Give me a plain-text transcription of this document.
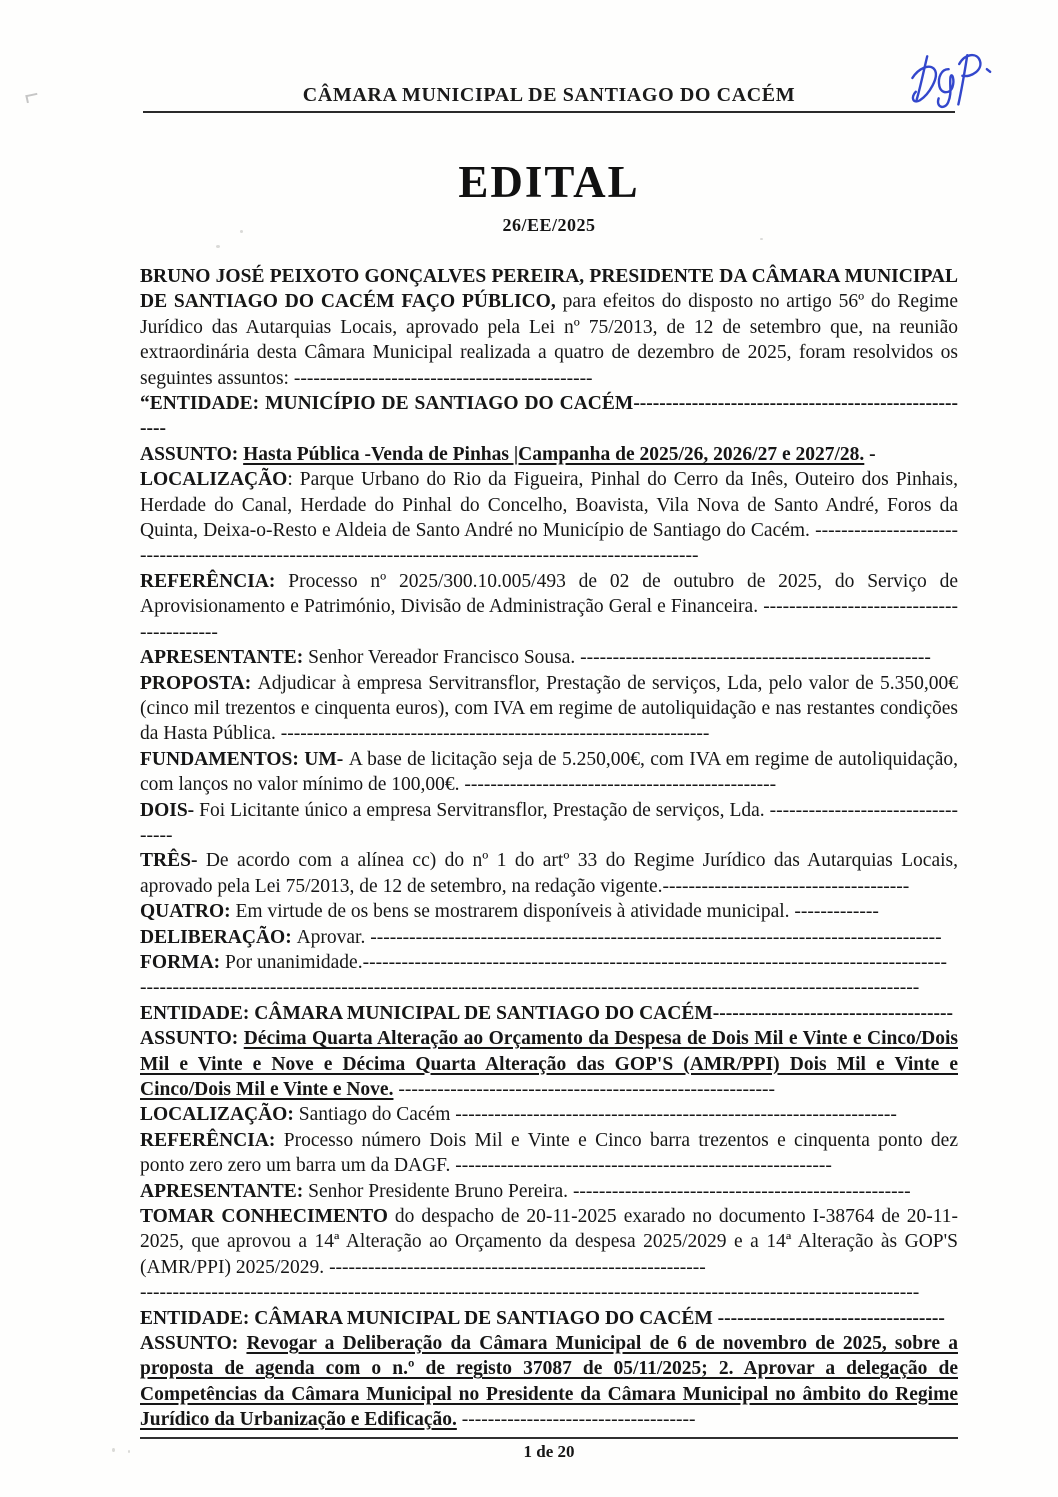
CÂMARA MUNICIPAL DE SANTIAGO DO CACÉM
EDITAL
26/EE/2025

BRUNO JOSÉ PEIXOTO GONÇALVES PEREIRA, PRESIDENTE DA CÂMARA MUNICIPAL DE SANTIAGO DO CACÉM FAÇO PÚBLICO, para efeitos do disposto no artigo 56º do Regime Jurídico das Autarquias Locais, aprovado pela Lei nº 75/2013, de 12 de setembro que, na reunião extraordinária desta Câmara Municipal realizada a quatro de dezembro de 2025, foram resolvidos os seguintes assuntos: ----------------------------------------------

“ENTIDADE: MUNICÍPIO DE SANTIAGO DO CACÉM------------------------------------------------------

ASSUNTO: Hasta Pública -Venda de Pinhas |Campanha de 2025/26, 2026/27 e 2027/28. -

LOCALIZAÇÃO: Parque Urbano do Rio da Figueira, Pinhal do Cerro da Inês, Outeiro dos Pinhais, Herdade do Canal, Herdade do Pinhal do Concelho, Boavista, Vila Nova de Santo André, Foros da Quinta, Deixa-o-Resto e Aldeia de Santo André no Município de Santiago do Cacém. ------------------------------------------------------------------------------------------------------------

REFERÊNCIA: Processo nº 2025/300.10.005/493 de 02 de outubro de 2025, do Serviço de Aprovisionamento e Património, Divisão de Administração Geral e Financeira. ------------------------------------------

APRESENTANTE: Senhor Vereador Francisco Sousa. ------------------------------------------------------

PROPOSTA: Adjudicar à empresa Servitransflor, Prestação de serviços, Lda, pelo valor de 5.350,00€ (cinco mil trezentos e cinquenta euros), com IVA em regime de autoliquidação e nas restantes condições da Hasta Pública. ------------------------------------------------------------------

FUNDAMENTOS: UM- A base de licitação seja de 5.250,00€, com IVA em regime de autoliquidação, com lanços no valor mínimo de 100,00€. ------------------------------------------------

DOIS- Foi Licitante único a empresa Servitransflor, Prestação de serviços, Lda. ----------------------------------

TRÊS- De acordo com a alínea cc) do nº 1 do artº 33 do Regime Jurídico das Autarquias Locais, aprovado pela Lei 75/2013, de 12 de setembro, na redação vigente.--------------------------------------

QUATRO: Em virtude de os bens se mostrarem disponíveis à atividade municipal. -------------

DELIBERAÇÃO: Aprovar. ----------------------------------------------------------------------------------------

FORMA: Por unanimidade.------------------------------------------------------------------------------------------

------------------------------------------------------------------------------------------------------------------------

ENTIDADE: CÂMARA MUNICIPAL DE SANTIAGO DO CACÉM-------------------------------------

ASSUNTO: Décima Quarta Alteração ao Orçamento da Despesa de Dois Mil e Vinte e Cinco/Dois Mil e Vinte e Nove e Décima Quarta Alteração das GOP'S (AMR/PPI) Dois Mil e Vinte e Cinco/Dois Mil e Vinte e Nove. ----------------------------------------------------------

LOCALIZAÇÃO: Santiago do Cacém --------------------------------------------------------------------

REFERÊNCIA: Processo número Dois Mil e Vinte e Cinco barra trezentos e cinquenta ponto dez ponto zero zero um barra um da DAGF. ----------------------------------------------------------

APRESENTANTE: Senhor Presidente Bruno Pereira. ----------------------------------------------------

TOMAR CONHECIMENTO do despacho de 20-11-2025 exarado no documento I-38764 de 20-11-2025, que aprovou a 14ª Alteração ao Orçamento da despesa 2025/2029 e a 14ª Alteração às GOP'S (AMR/PPI) 2025/2029. ----------------------------------------------------------

------------------------------------------------------------------------------------------------------------------------

ENTIDADE: CÂMARA MUNICIPAL DE SANTIAGO DO CACÉM -----------------------------------

ASSUNTO: Revogar a Deliberação da Câmara Municipal de 6 de novembro de 2025, sobre a proposta de agenda com o n.º de registo 37087 de 05/11/2025; 2. Aprovar a delegação de Competências da Câmara Municipal no Presidente da Câmara Municipal no âmbito do Regime Jurídico da Urbanização e Edificação. ------------------------------------

1 de 20
